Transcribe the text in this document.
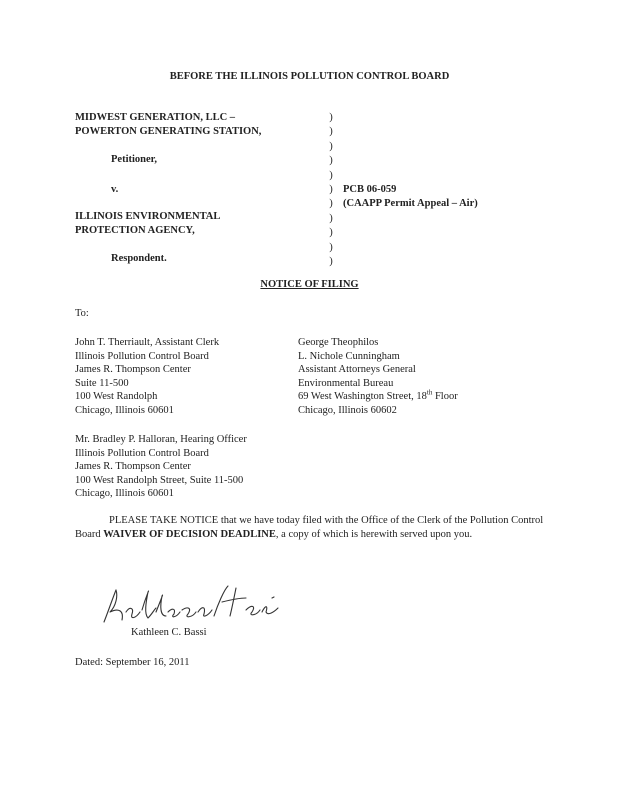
BEFORE THE ILLINOIS POLLUTION CONTROL BOARD
MIDWEST GENERATION, LLC –
POWERTON GENERATING STATION,
Petitioner,
v.
ILLINOIS ENVIRONMENTAL
PROTECTION AGENCY,
Respondent.
)
)
)
)
)
)
)
)
)
)
)
PCB 06-059
(CAAPP Permit Appeal – Air)
NOTICE OF FILING
To:
John T. Therriault, Assistant Clerk
Illinois Pollution Control Board
James R. Thompson Center
Suite 11-500
100 West Randolph
Chicago, Illinois 60601
George Theophilos
L. Nichole Cunningham
Assistant Attorneys General
Environmental Bureau
69 West Washington Street, 18th Floor
Chicago, Illinois 60602
Mr. Bradley P. Halloran, Hearing Officer
Illinois Pollution Control Board
James R. Thompson Center
100 West Randolph Street, Suite 11-500
Chicago, Illinois 60601
PLEASE TAKE NOTICE that we have today filed with the Office of the Clerk of the Pollution Control Board WAIVER OF DECISION DEADLINE, a copy of which is herewith served upon you.
Kathleen C. Bassi
Kathleen C. Bassi
Dated: September 16, 2011
